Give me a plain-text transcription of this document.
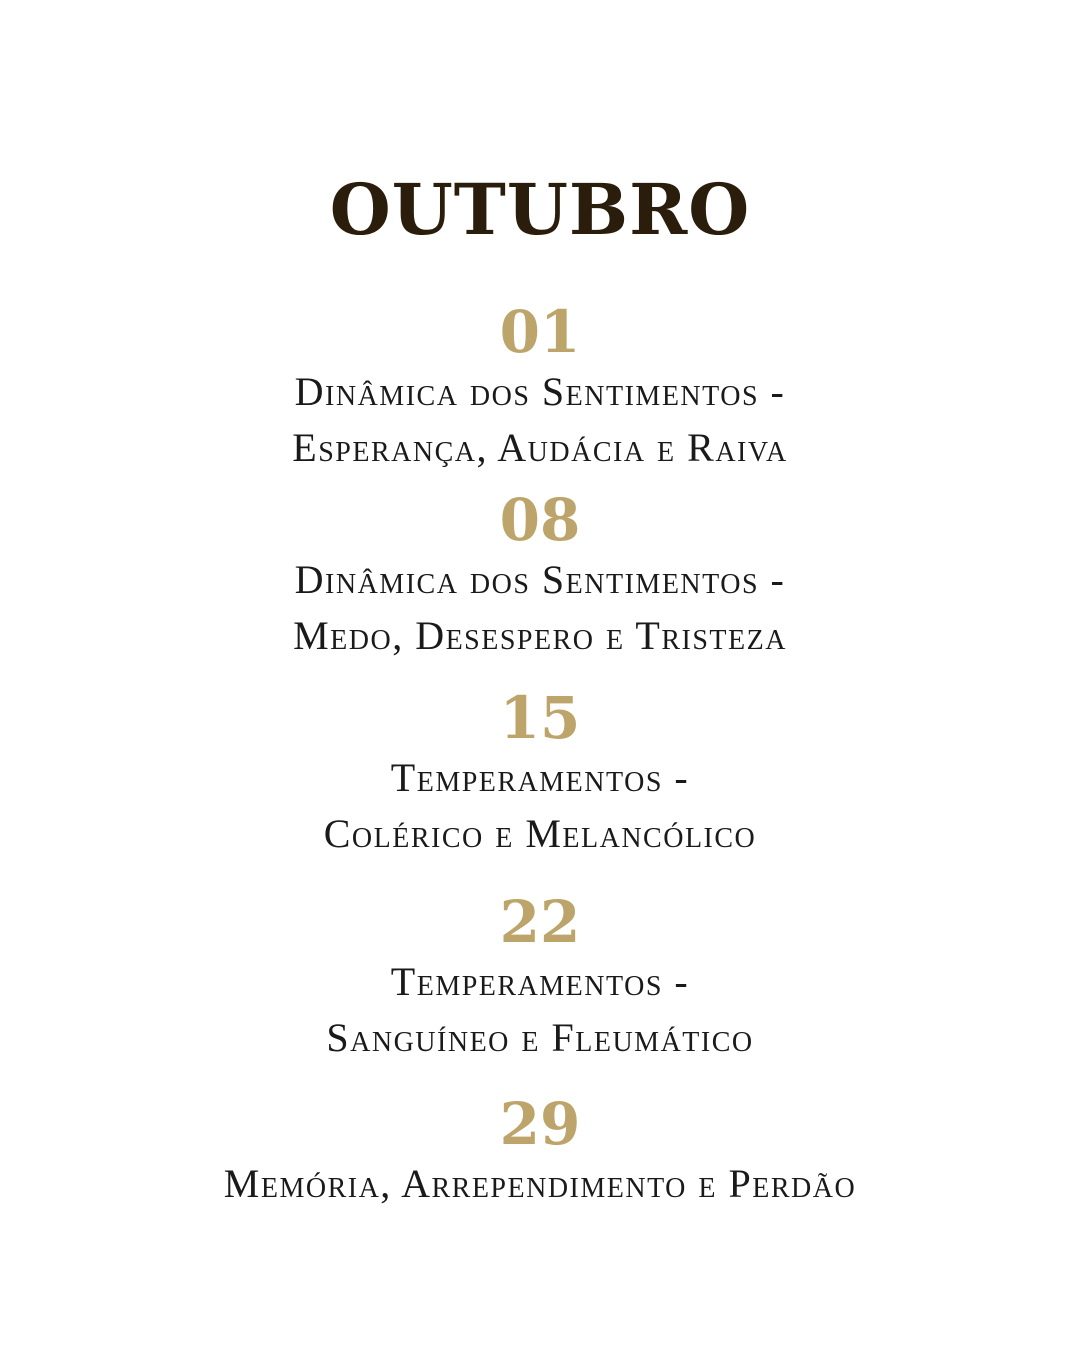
OUTUBRO
01
Dinâmica dos Sentimentos -
Esperança, Audácia e Raiva
08
Dinâmica dos Sentimentos -
Medo, Desespero e Tristeza
15
Temperamentos -
Colérico e Melancólico
22
Temperamentos -
Sanguíneo e Fleumático
29
Memória, Arrependimento e Perdão
